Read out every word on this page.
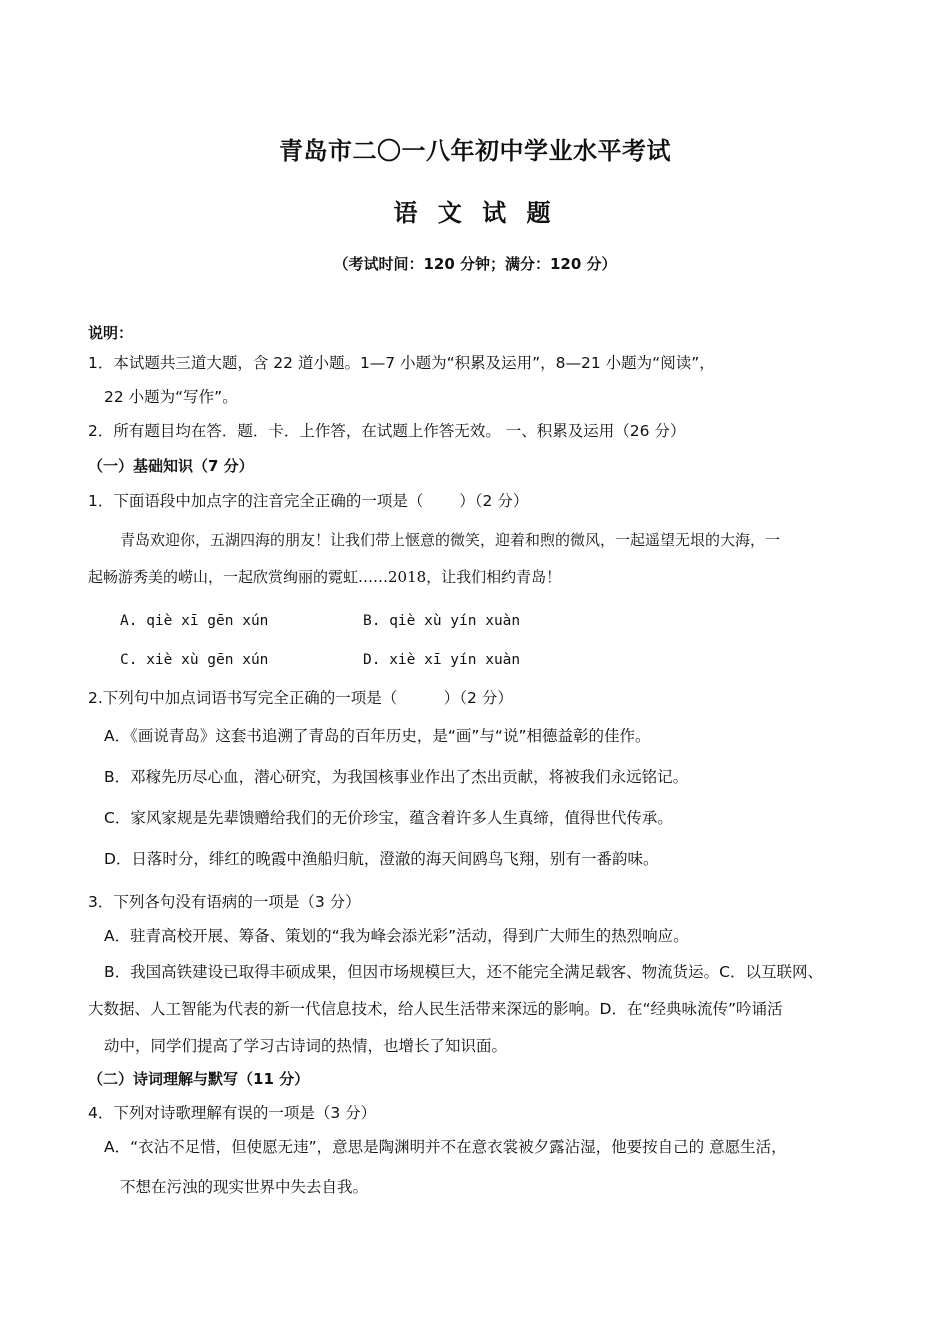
青岛市二〇一八年初中学业水平考试
语 文 试 题
（考试时间：120 分钟；满分：120 分）
说明：
1．本试题共三道大题，含 22 道小题。1—7 小题为“积累及运用”，8—21 小题为“阅读”，
22 小题为“写作”。
2．所有题目均在答．题．卡．上作答，在试题上作答无效。 一、积累及运用（26 分）
（一）基础知识（7 分）
1．下面语段中加点字的注音完全正确的一项是（　　 ）（2 分）
青岛欢迎你，五湖四海的朋友！让我们带上惬意的微笑，迎着和煦的微风，一起遥望无垠的大海，一
起畅游秀美的崂山，一起欣赏绚丽的霓虹……2018，让我们相约青岛！
A. qiè xī gēn xún	B. qiè xù yín xuàn
C. xiè xù gēn xún	D. xiè xī yín xuàn
2.下列句中加点词语书写完全正确的一项是（　　　）（2 分）
A．《画说青岛》这套书追溯了青岛的百年历史，是“画”与“说”相德益彰的佳作。
B．邓稼先历尽心血，潜心研究，为我国核事业作出了杰出贡献，将被我们永远铭记。
C．家风家规是先辈馈赠给我们的无价珍宝，蕴含着许多人生真缔，值得世代传承。
D．日落时分，绯红的晚霞中渔船归航，澄澈的海天间鸥鸟飞翔，别有一番韵味。
3．下列各句没有语病的一项是（3 分）
A．驻青高校开展、筹备、策划的“我为峰会添光彩”活动，得到广大师生的热烈响应。
B．我国高铁建设已取得丰硕成果，但因市场规模巨大，还不能完全满足载客、物流货运。C．以互联网、
大数据、人工智能为代表的新一代信息技术，给人民生活带来深远的影响。D．在“经典咏流传”吟诵活
动中，同学们提高了学习古诗词的热情，也增长了知识面。
（二）诗词理解与默写（11 分）
4．下列对诗歌理解有误的一项是（3 分）
A．“衣沾不足惜，但使愿无违”，意思是陶渊明并不在意衣裳被夕露沾湿，他要按自己的 意愿生活，
不想在污浊的现实世界中失去自我。
